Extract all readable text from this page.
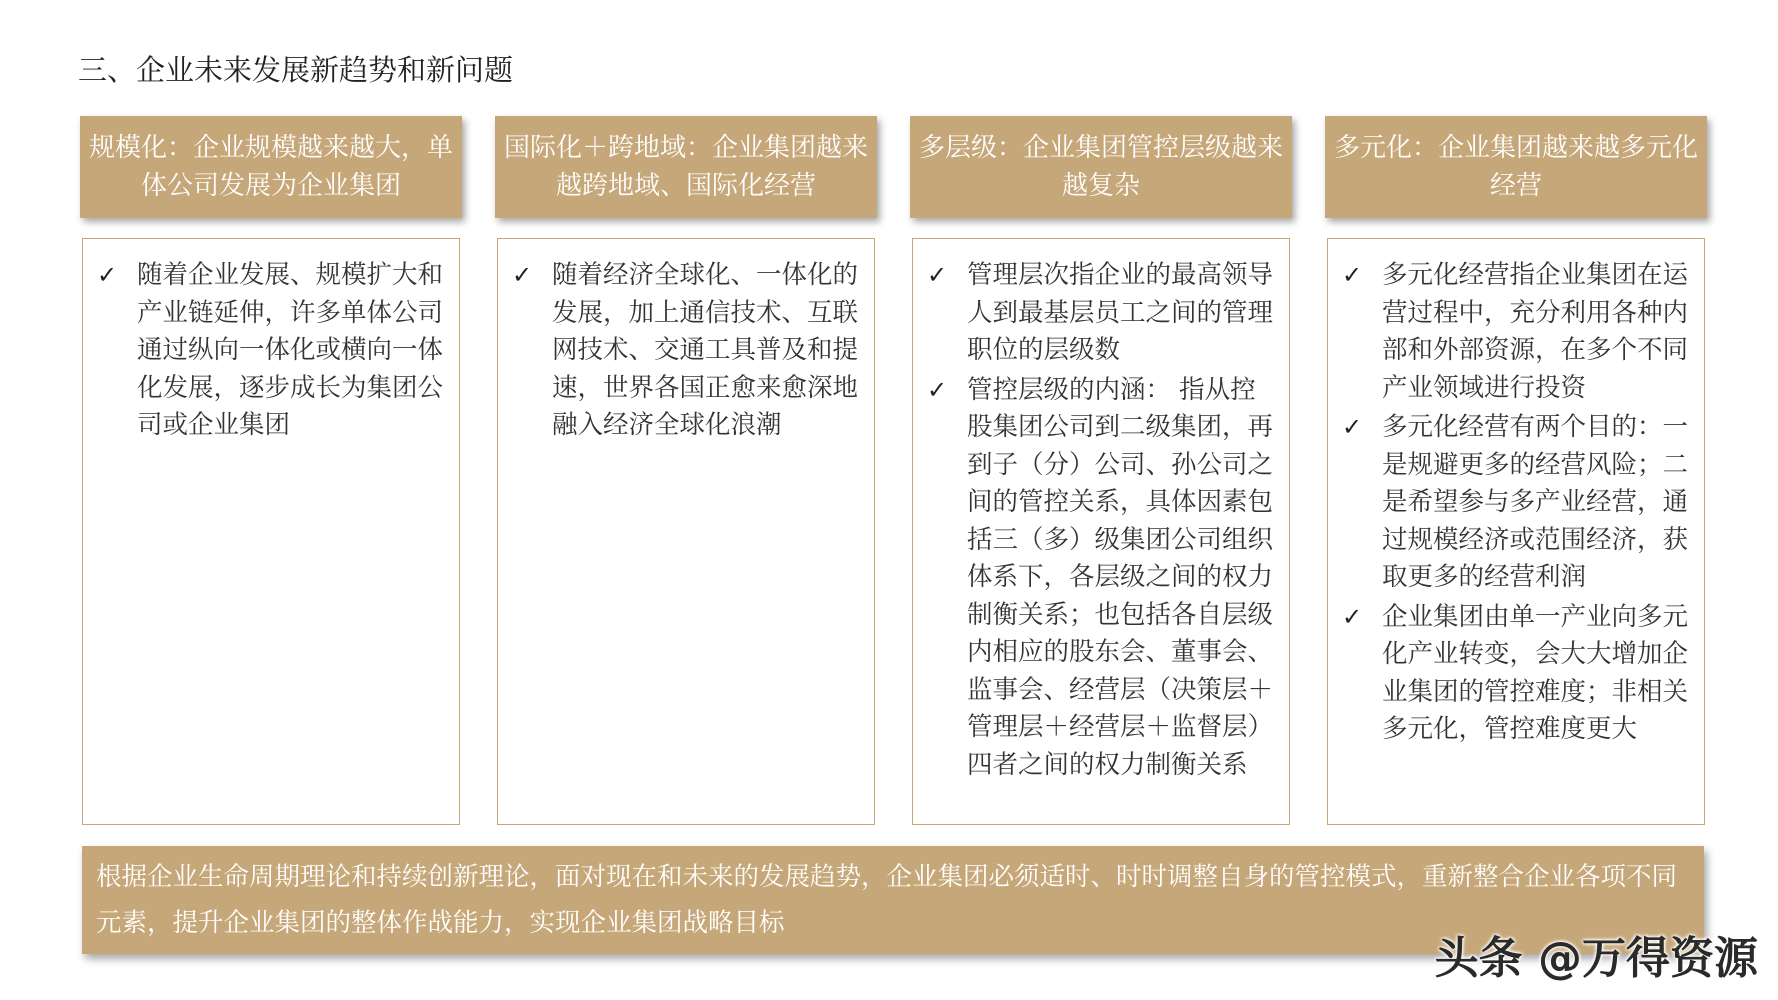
三、企业未来发展新趋势和新问题
规模化：企业规模越来越大，单体公司发展为企业集团
✓ 随着企业发展、规模扩大和产业链延伸，许多单体公司通过纵向一体化或横向一体化发展，逐步成长为集团公司或企业集团
国际化＋跨地域：企业集团越来越跨地域、国际化经营
✓ 随着经济全球化、一体化的发展，加上通信技术、互联网技术、交通工具普及和提速，世界各国正愈来愈深地融入经济全球化浪潮
多层级：企业集团管控层级越来越复杂
✓ 管理层次指企业的最高领导人到最基层员工之间的管理职位的层级数
✓ 管控层级的内涵： 指从控股集团公司到二级集团，再到子（分）公司、孙公司之间的管控关系，具体因素包括三（多）级集团公司组织体系下，各层级之间的权力制衡关系；也包括各自层级内相应的股东会、董事会、监事会、经营层（决策层＋管理层＋经营层＋监督层）四者之间的权力制衡关系
多元化：企业集团越来越多元化经营
✓ 多元化经营指企业集团在运营过程中，充分利用各种内部和外部资源，在多个不同产业领域进行投资
✓ 多元化经营有两个目的：一是规避更多的经营风险；二是希望参与多产业经营，通过规模经济或范围经济，获取更多的经营利润
✓ 企业集团由单一产业向多元化产业转变，会大大增加企业集团的管控难度；非相关多元化，管控难度更大
根据企业生命周期理论和持续创新理论，面对现在和未来的发展趋势，企业集团必须适时、时时调整自身的管控模式，重新整合企业各项不同元素，提升企业集团的整体作战能力，实现企业集团战略目标
头条 @万得资源
